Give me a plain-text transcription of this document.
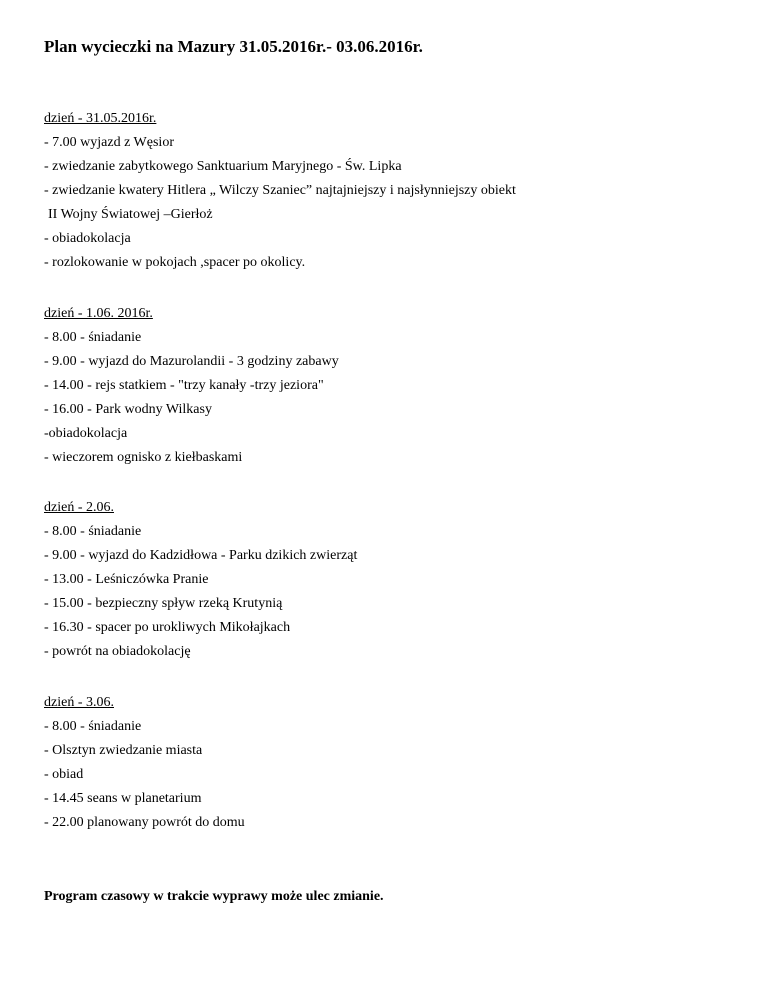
Plan wycieczki na Mazury 31.05.2016r.- 03.06.2016r.
dzień - 31.05.2016r.
- 7.00 wyjazd z Węsior
- zwiedzanie zabytkowego Sanktuarium Maryjnego - Św. Lipka
- zwiedzanie kwatery Hitlera „ Wilczy Szaniec” najtajniejszy i najsłynniejszy obiekt
II Wojny Światowej –Gierłoż
- obiadokolacja
- rozlokowanie w pokojach ,spacer po okolicy.
dzień - 1.06. 2016r.
- 8.00 - śniadanie
- 9.00 - wyjazd do Mazurolandii - 3 godziny zabawy
- 14.00 - rejs statkiem - "trzy kanały -trzy jeziora"
- 16.00 - Park wodny Wilkasy
-obiadokolacja
- wieczorem ognisko z kiełbaskami
dzień - 2.06.
- 8.00 - śniadanie
- 9.00 - wyjazd do Kadzidłowa - Parku dzikich zwierząt
- 13.00 - Leśniczówka Pranie
- 15.00 - bezpieczny spływ rzeką Krutynią
- 16.30 - spacer po urokliwych Mikołajkach
- powrót na obiadokolację
dzień - 3.06.
- 8.00 - śniadanie
- Olsztyn zwiedzanie miasta
- obiad
- 14.45 seans w planetarium
- 22.00 planowany powrót do domu
Program czasowy w trakcie wyprawy może ulec zmianie.
